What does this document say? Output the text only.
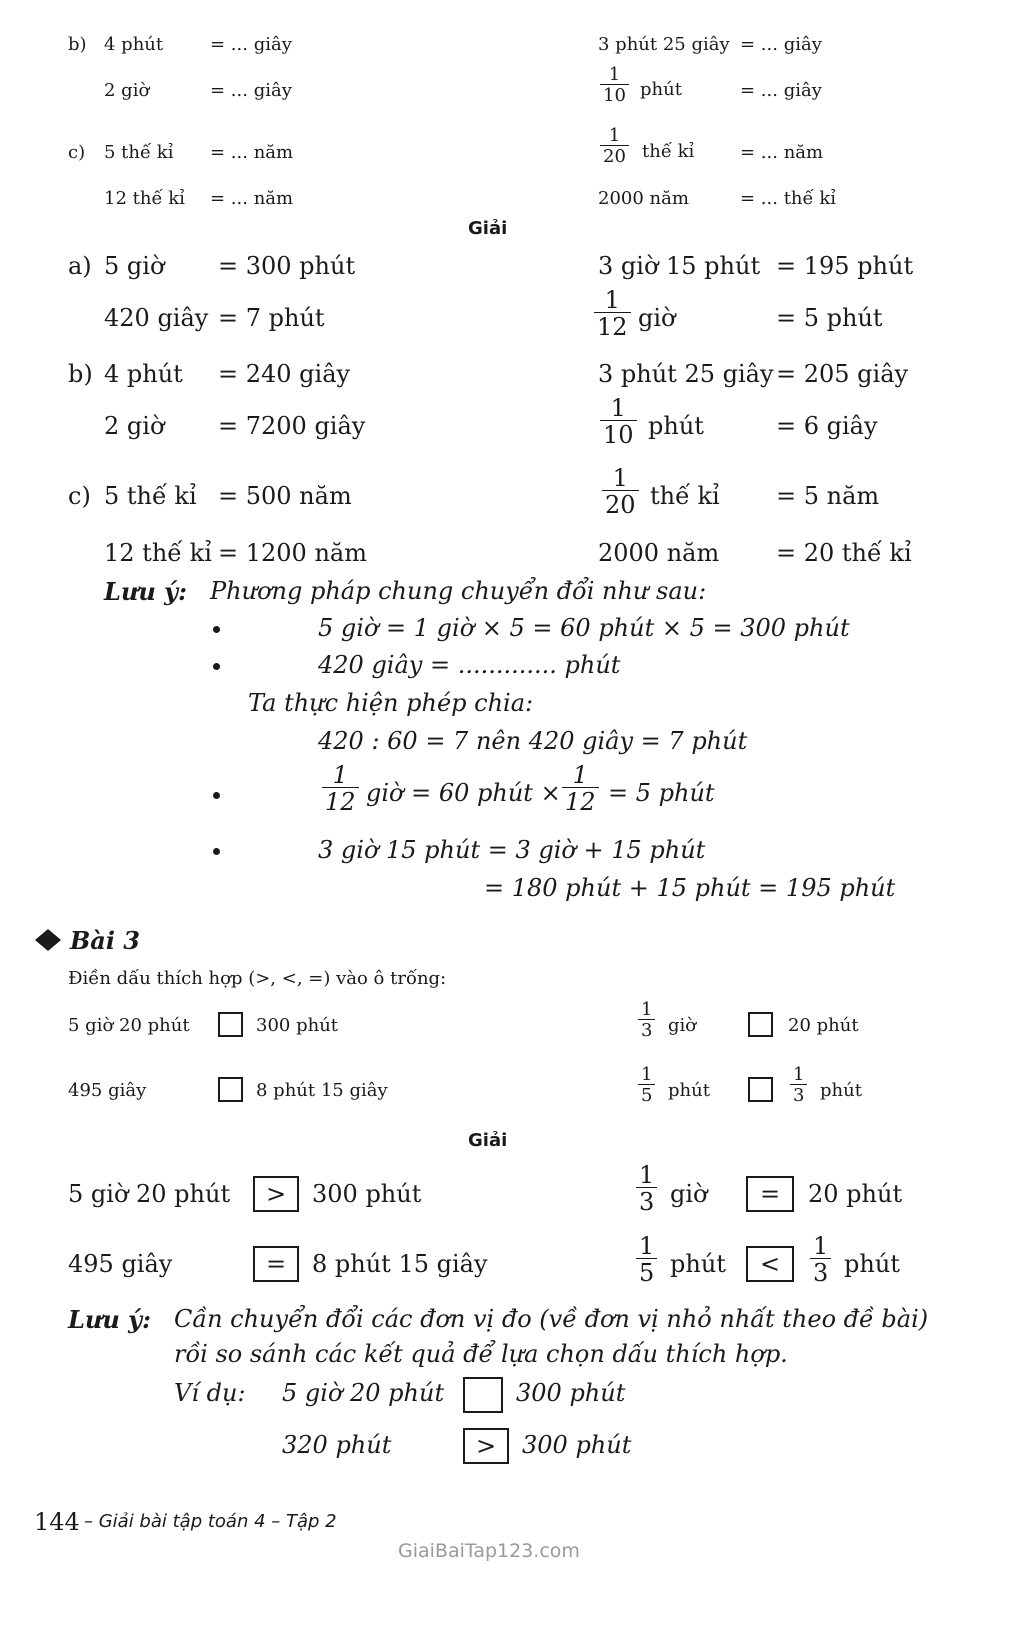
b) 4 phút	= ... giây	3 phút 25 giây = ... giây
2 giờ	= ... giây	$\frac{1}{10}$ phút	= ... giây
c) 5 thế kỉ = ... năm	$\frac{1}{20}$ thế kỉ	= ... năm
12 thế kỉ = ... năm	2000 năm	= ... thế kỉ
Giải
a) 5 giờ = 300 phút	3 giờ 15 phút = 195 phút
420 giây = 7 phút	$\frac{1}{12}$ giờ	= 5 phút
b) 4 phút = 240 giây	3 phút 25 giây = 205 giây
2 giờ = 7200 giây	$\frac{1}{10}$ phút	= 6 giây
c) 5 thế kỉ = 500 năm	$\frac{1}{20}$ thế kỉ = 5 năm
12 thế kỉ = 1200 năm	2000 năm = 20 thế kỉ
Lưu ý: Phương pháp chung chuyển đổi như sau:
5 giờ = 1 giờ × 5 = 60 phút × 5 = 300 phút
420 giây = ............. phút
Ta thực hiện phép chia:
420 : 60 = 7 nên 420 giây = 7 phút
$\frac{1}{12}$ giờ = 60 phút × $\frac{1}{12} = 5$ phút
3 giờ 15 phút = 3 giờ + 15 phút
= 180 phút + 15 phút = 195 phút
Bài 3
Điền dấu thích hợp (>, <, =) vào ô trống:
5 giờ 20 phút	300 phút	$\frac{1}{3}$ giờ	20 phút
495 giây	8 phút 15 giây	$\frac{1}{5}$ phút	$\frac{1}{3}$ phút
Giải
5 giờ 20 phút	>	300 phút	$\frac{1}{3}$ giờ	=	20 phút
495 giây	=	8 phút 15 giây	$\frac{1}{5}$ phút	<	$\frac{1}{3}$ phút
Lưu ý: Cần chuyển đổi các đơn vị đo (về đơn vị nhỏ nhất theo đề bài)
rồi so sánh các kết quả để lựa chọn dấu thích hợp.
Ví dụ: 5 giờ 20 phút	300 phút
320 phút	>	300 phút
144 – Giải bài tập toán 4 – Tập 2
GiaiBaiTap123.com
